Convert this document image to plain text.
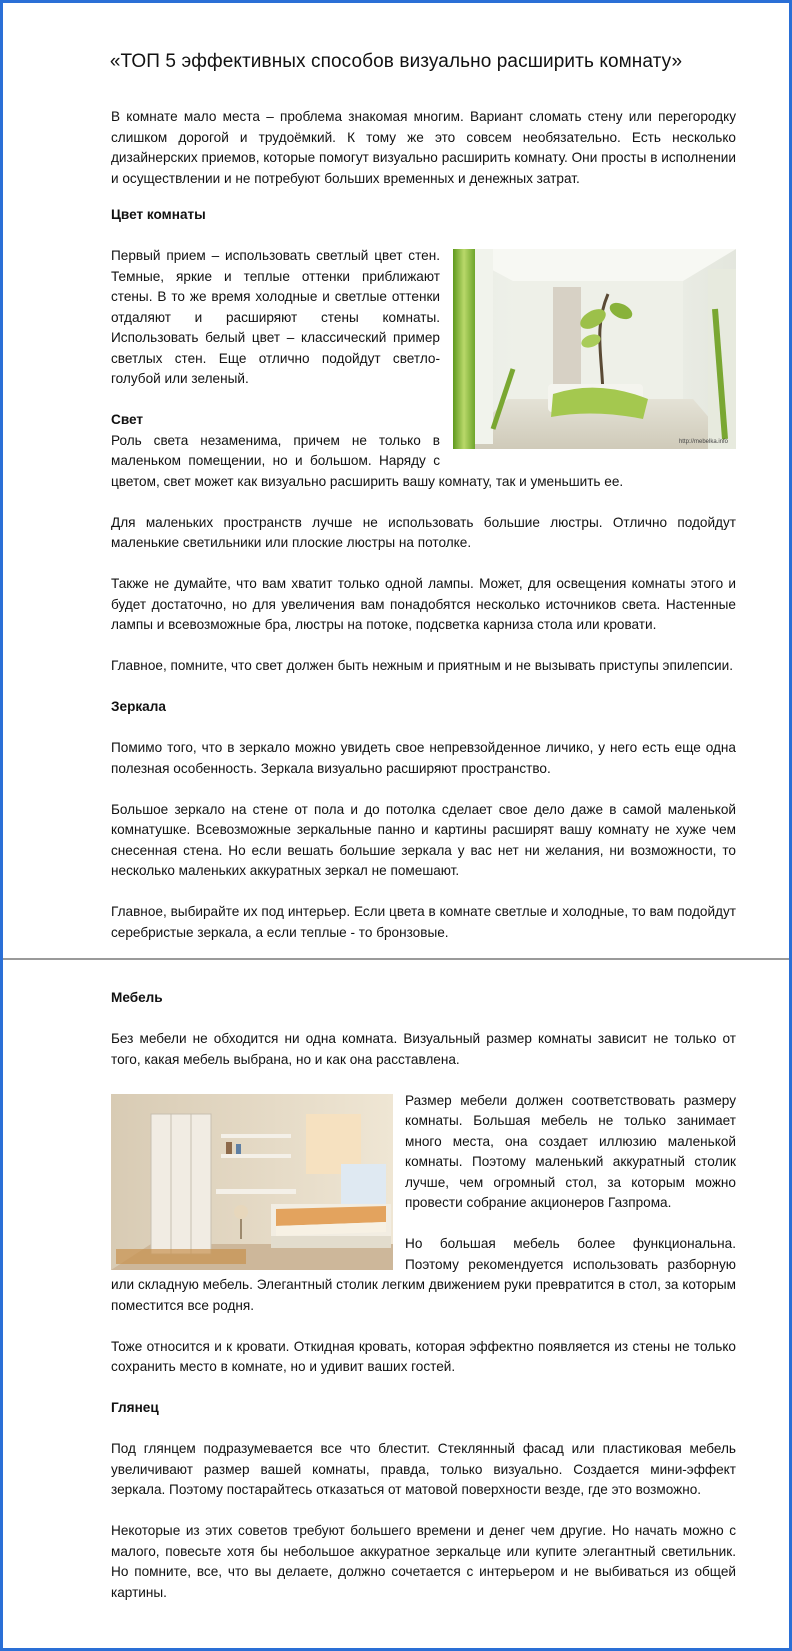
«ТОП 5 эффективных способов визуально расширить комнату»

В комнате мало места – проблема знакомая многим. Вариант сломать стену или перегородку слишком дорогой и трудоёмкий. К тому же это совсем необязательно. Есть несколько дизайнерских приемов, которые помогут визуально расширить комнату. Они просты в исполнении и осуществлении и не потребуют больших временных и денежных затрат.

Цвет комнаты
http://mebelka.info

Первый прием – использовать светлый цвет стен. Темные, яркие и теплые оттенки приближают стены. В то же время холодные и светлые оттенки отдаляют и расширяют стены комнаты. Использовать белый цвет – классический пример светлых стен. Еще отлично подойдут светло-голубой или зеленый.

Свет

Роль света незаменима, причем не только в маленьком помещении, но и большом. Наряду с цветом, свет может как визуально расширить вашу комнату, так и уменьшить ее.

Для маленьких пространств лучше не использовать большие люстры. Отлично подойдут маленькие светильники или плоские люстры на потолке.

Также не думайте, что вам хватит только одной лампы. Может, для освещения комнаты этого и будет достаточно, но для увеличения вам понадобятся несколько источников света. Настенные лампы и всевозможные бра, люстры на потоке, подсветка карниза стола или кровати.

Главное, помните, что свет должен быть нежным и приятным и не вызывать приступы эпилепсии.

Зеркала

Помимо того, что в зеркало можно увидеть свое непревзойденное личико, у него есть еще одна полезная особенность. Зеркала визуально расширяют пространство.

Большое зеркало на стене от пола и до потолка сделает свое дело даже в самой маленькой комнатушке. Всевозможные зеркальные панно и картины расширят вашу комнату не хуже чем снесенная стена. Но если вешать большие зеркала у вас нет ни желания, ни возможности, то несколько маленьких аккуратных зеркал не помешают.

Главное, выбирайте их под интерьер. Если цвета в комнате светлые и холодные, то вам подойдут серебристые зеркала, а если теплые - то бронзовые.

Мебель

Без мебели не обходится ни одна комната. Визуальный размер комнаты зависит не только от того, какая мебель выбрана, но и как она расставлена.

Размер мебели должен соответствовать размеру комнаты. Большая мебель не только занимает много места, она создает иллюзию маленькой комнаты. Поэтому маленький аккуратный столик лучше, чем огромный стол, за которым можно провести собрание акционеров Газпрома.

Но большая мебель более функциональна. Поэтому рекомендуется использовать разборную или складную мебель. Элегантный столик легким движением руки превратится в стол, за которым поместится все родня.

Тоже относится и к кровати. Откидная кровать, которая эффектно появляется из стены не только сохранить место в комнате, но и удивит ваших гостей.

Глянец

Под глянцем подразумевается все что блестит. Стеклянный фасад или пластиковая мебель увеличивают размер вашей комнаты, правда, только визуально. Создается мини-эффект зеркала. Поэтому постарайтесь отказаться от матовой поверхности везде, где это возможно.

Некоторые из этих советов требуют большего времени и денег чем другие. Но начать можно с малого, повесьте хотя бы небольшое аккуратное зеркальце или купите элегантный светильник. Но помните, все, что вы делаете, должно сочетается с интерьером и не выбиваться из общей картины.
